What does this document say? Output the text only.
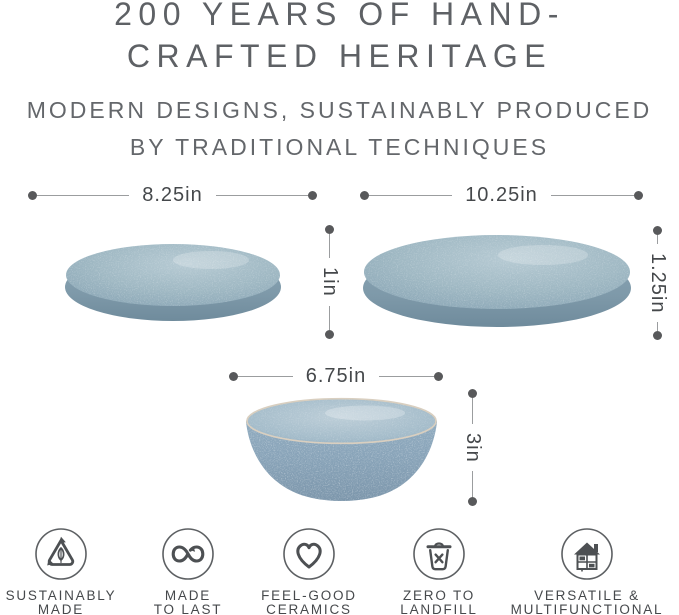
200 YEARS OF HAND-
CRAFTED HERITAGE
MODERN DESIGNS, SUSTAINABLY PRODUCED
BY TRADITIONAL TECHNIQUES
8.25in	10.25in
1in	1.25in
6.75in
3in
SUSTAINABLY
MADE
MADE
TO LAST
FEEL-GOOD
CERAMICS
ZERO TO
LANDFILL
VERSATILE &
MULTIFUNCTIONAL
